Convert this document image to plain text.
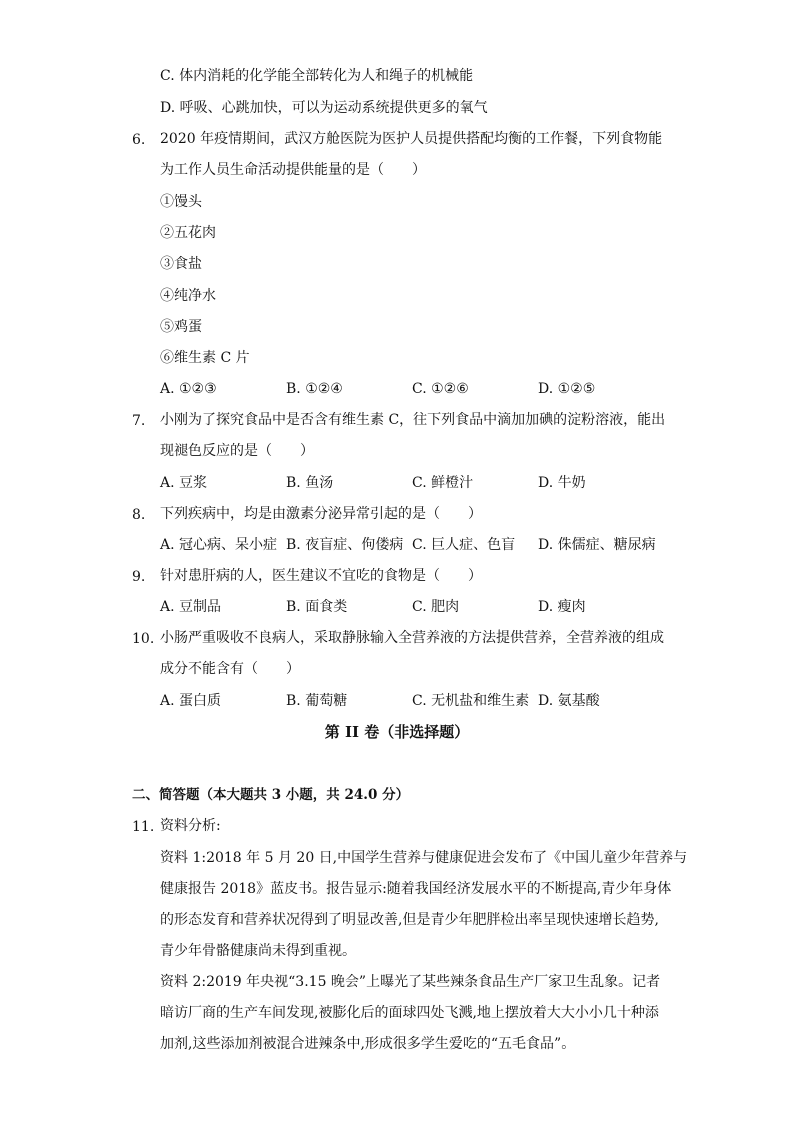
C. 体内消耗的化学能全部转化为人和绳子的机械能
D. 呼吸、心跳加快，可以为运动系统提供更多的氧气
6.	2020 年疫情期间，武汉方舱医院为医护人员提供搭配均衡的工作餐，下列食物能
为工作人员生命活动提供能量的是（　　）
①馒头
②五花肉
③食盐
④纯净水
⑤鸡蛋
⑥维生素 C 片
A. ①②③	B. ①②④	C. ①②⑥	D. ①②⑤
7.	小刚为了探究食品中是否含有维生素 C，往下列食品中滴加加碘的淀粉溶液，能出
现褪色反应的是（　　）
A. 豆浆	B. 鱼汤	C. 鲜橙汁	D. 牛奶
8.	下列疾病中，均是由激素分泌异常引起的是（　　）
A. 冠心病、呆小症 B. 夜盲症、佝偻病 C. 巨人症、色盲 D. 侏儒症、糖尿病
9.	针对患肝病的人，医生建议不宜吃的食物是（　　）
A. 豆制品	B. 面食类	C. 肥肉	D. 瘦肉
10. 小肠严重吸收不良病人，采取静脉输入全营养液的方法提供营养，全营养液的组成
成分不能含有（　　）
A. 蛋白质	B. 葡萄糖	C. 无机盐和维生素 D. 氨基酸
第 II 卷（非选择题）
二、简答题（本大题共 3 小题，共 24.0 分）
11. 资料分析:
资料 1:2018 年 5 月 20 日,中国学生营养与健康促进会发布了《中国儿童少年营养与
健康报告 2018》蓝皮书。报告显示:随着我国经济发展水平的不断提高,青少年身体
的形态发育和营养状况得到了明显改善,但是青少年肥胖检出率呈现快速增长趋势,
青少年骨骼健康尚未得到重视。
资料 2:2019 年央视“3.15 晚会”上曝光了某些辣条食品生产厂家卫生乱象。记者
暗访厂商的生产车间发现,被膨化后的面球四处飞溅,地上摆放着大大小小几十种添
加剂,这些添加剂被混合进辣条中,形成很多学生爱吃的“五毛食品”。
